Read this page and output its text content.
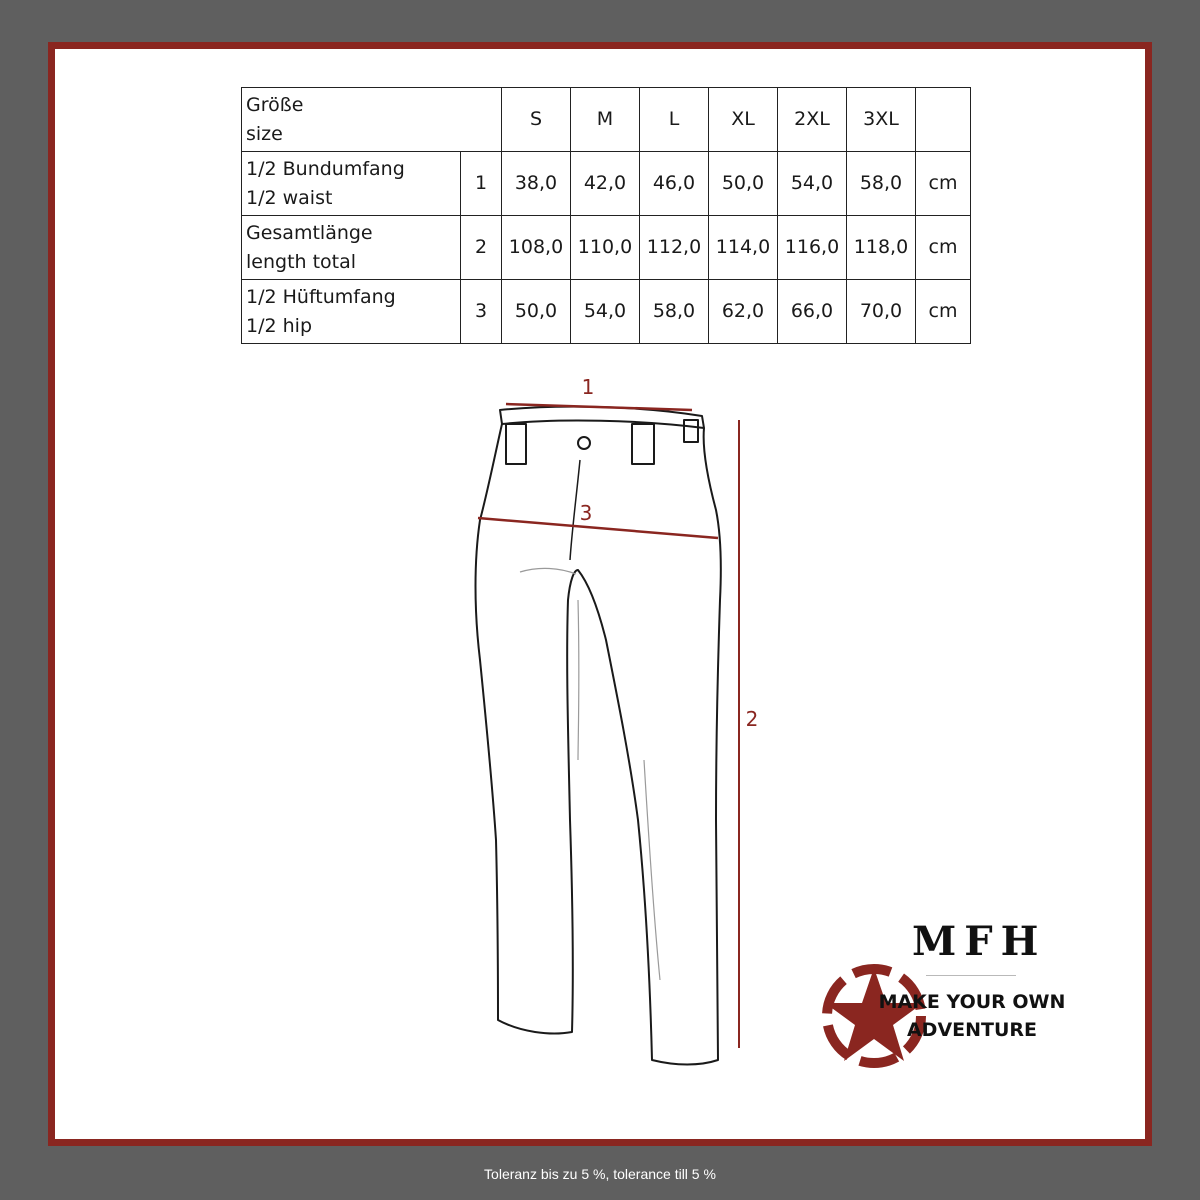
Größe
size		S	M	L	XL	2XL	3XL	

1/2 Bundumfang
1/2 waist	1	38,0	42,0	46,0	50,0	54,0	58,0	cm

Gesamtlänge
length total	2	108,0	110,0	112,0	114,0	116,0	118,0	cm

1/2 Hüftumfang
1/2 hip	3	50,0	54,0	58,0	62,0	66,0	70,0	cm
1
3
2
MFH
MAKE YOUR OWN
ADVENTURE
Toleranz bis zu 5 %, tolerance till 5 %
